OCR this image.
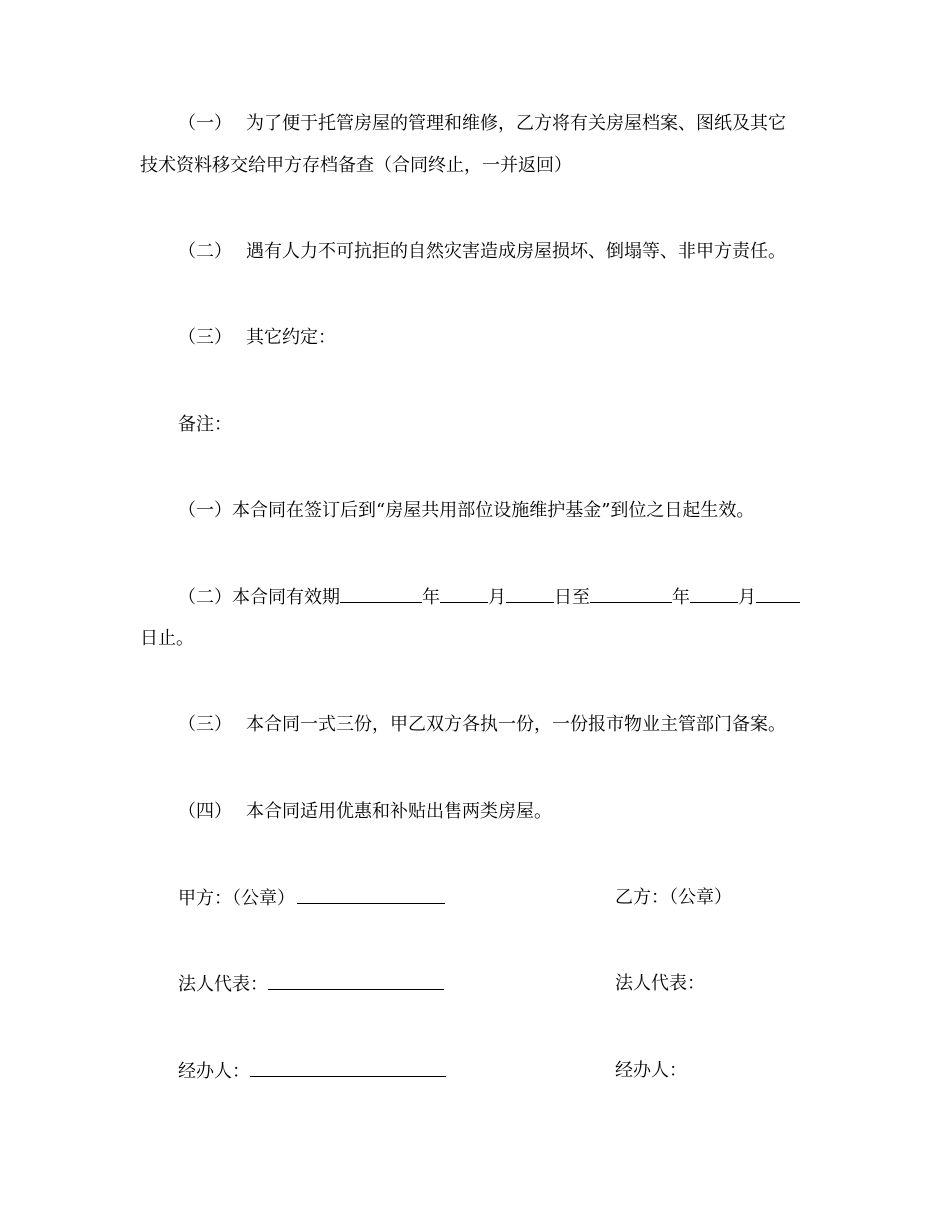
（一） 为了便于托管房屋的管理和维修，乙方将有关房屋档案、图纸及其它
技术资料移交给甲方存档备查（合同终止，一并返回）
（二） 遇有人力不可抗拒的自然灾害造成房屋损坏、倒塌等、非甲方责任。
（三） 其它约定：
备注：
（一）本合同在签订后到“房屋共用部位设施维护基金”到位之日起生效。
（二）本合同有效期	年	月	日至	年	月
日止。
（三） 本合同一式三份，甲乙双方各执一份，一份报市物业主管部门备案。
（四） 本合同适用优惠和补贴出售两类房屋。
甲方：（公章）	乙方：（公章）
法人代表：	法人代表：
经办人：	经办人：
